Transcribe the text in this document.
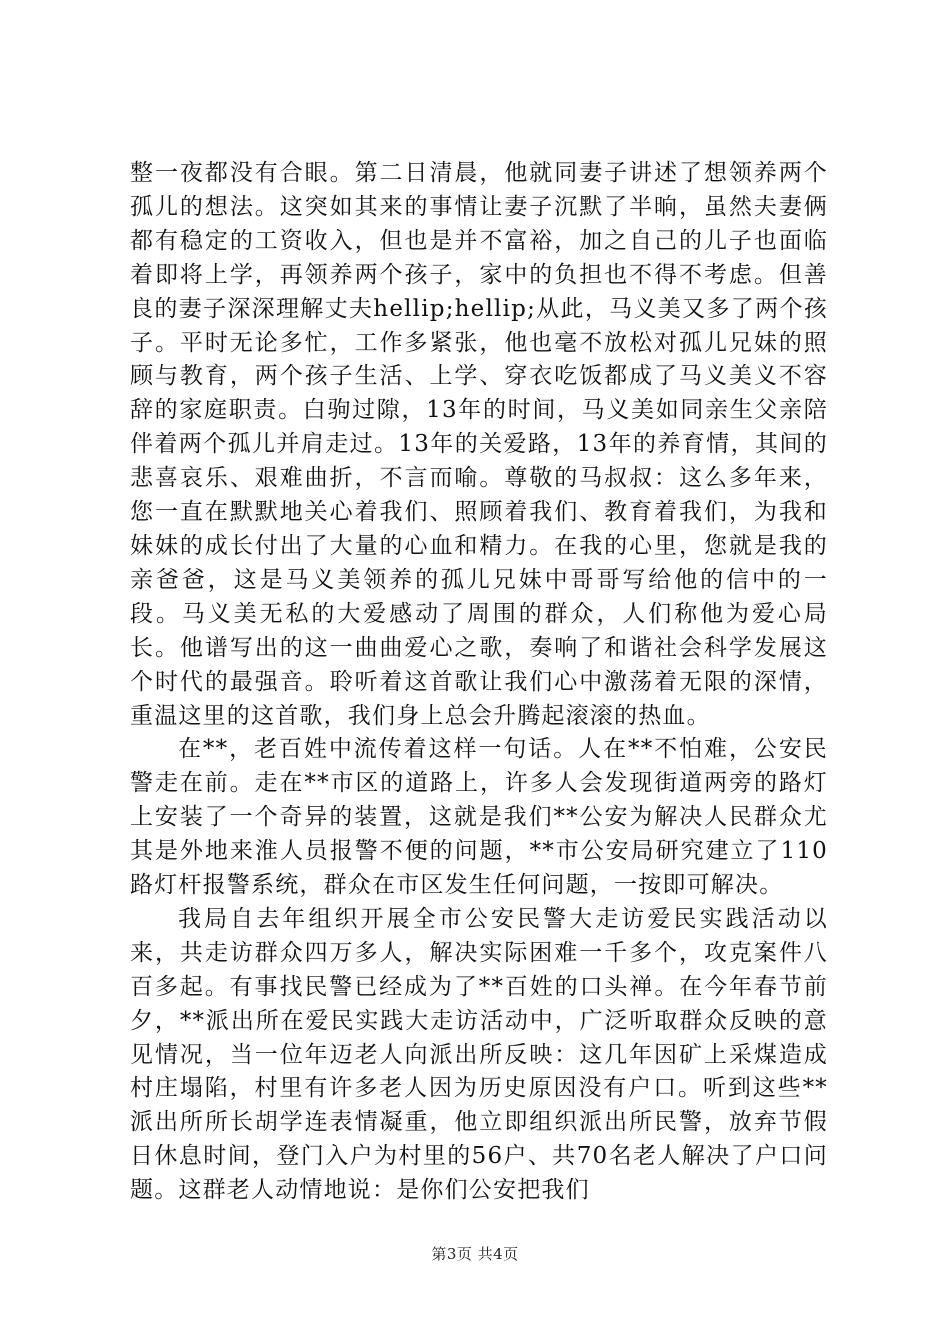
整一夜都没有合眼。第二日清晨，他就同妻子讲述了想领养两个孤儿的想法。这突如其来的事情让妻子沉默了半晌，虽然夫妻俩都有稳定的工资收入，但也是并不富裕，加之自己的儿子也面临着即将上学，再领养两个孩子，家中的负担也不得不考虑。但善良的妻子深深理解丈夫hellip;hellip;从此，马义美又多了两个孩子。平时无论多忙，工作多紧张，他也毫不放松对孤儿兄妹的照顾与教育，两个孩子生活、上学、穿衣吃饭都成了马义美义不容辞的家庭职责。白驹过隙，13年的时间，马义美如同亲生父亲陪伴着两个孤儿并肩走过。13年的关爱路，13年的养育情，其间的悲喜哀乐、艰难曲折，不言而喻。尊敬的马叔叔：这么多年来，您一直在默默地关心着我们、照顾着我们、教育着我们，为我和妹妹的成长付出了大量的心血和精力。在我的心里，您就是我的亲爸爸，这是马义美领养的孤儿兄妹中哥哥写给他的信中的一段。马义美无私的大爱感动了周围的群众，人们称他为爱心局长。他谱写出的这一曲曲爱心之歌，奏响了和谐社会科学发展这个时代的最强音。聆听着这首歌让我们心中激荡着无限的深情，重温这里的这首歌，我们身上总会升腾起滚滚的热血。

在**，老百姓中流传着这样一句话。人在**不怕难，公安民警走在前。走在**市区的道路上，许多人会发现街道两旁的路灯上安装了一个奇异的装置，这就是我们**公安为解决人民群众尤其是外地来淮人员报警不便的问题，**市公安局研究建立了110路灯杆报警系统，群众在市区发生任何问题，一按即可解决。

我局自去年组织开展全市公安民警大走访爱民实践活动以来，共走访群众四万多人，解决实际困难一千多个，攻克案件八百多起。有事找民警已经成为了**百姓的口头禅。在今年春节前夕，**派出所在爱民实践大走访活动中，广泛听取群众反映的意见情况，当一位年迈老人向派出所反映：这几年因矿上采煤造成村庄塌陷，村里有许多老人因为历史原因没有户口。听到这些**派出所所长胡学连表情凝重，他立即组织派出所民警，放弃节假日休息时间，登门入户为村里的56户、共70名老人解决了户口问题。这群老人动情地说：是你们公安把我们

第3页 共4页
